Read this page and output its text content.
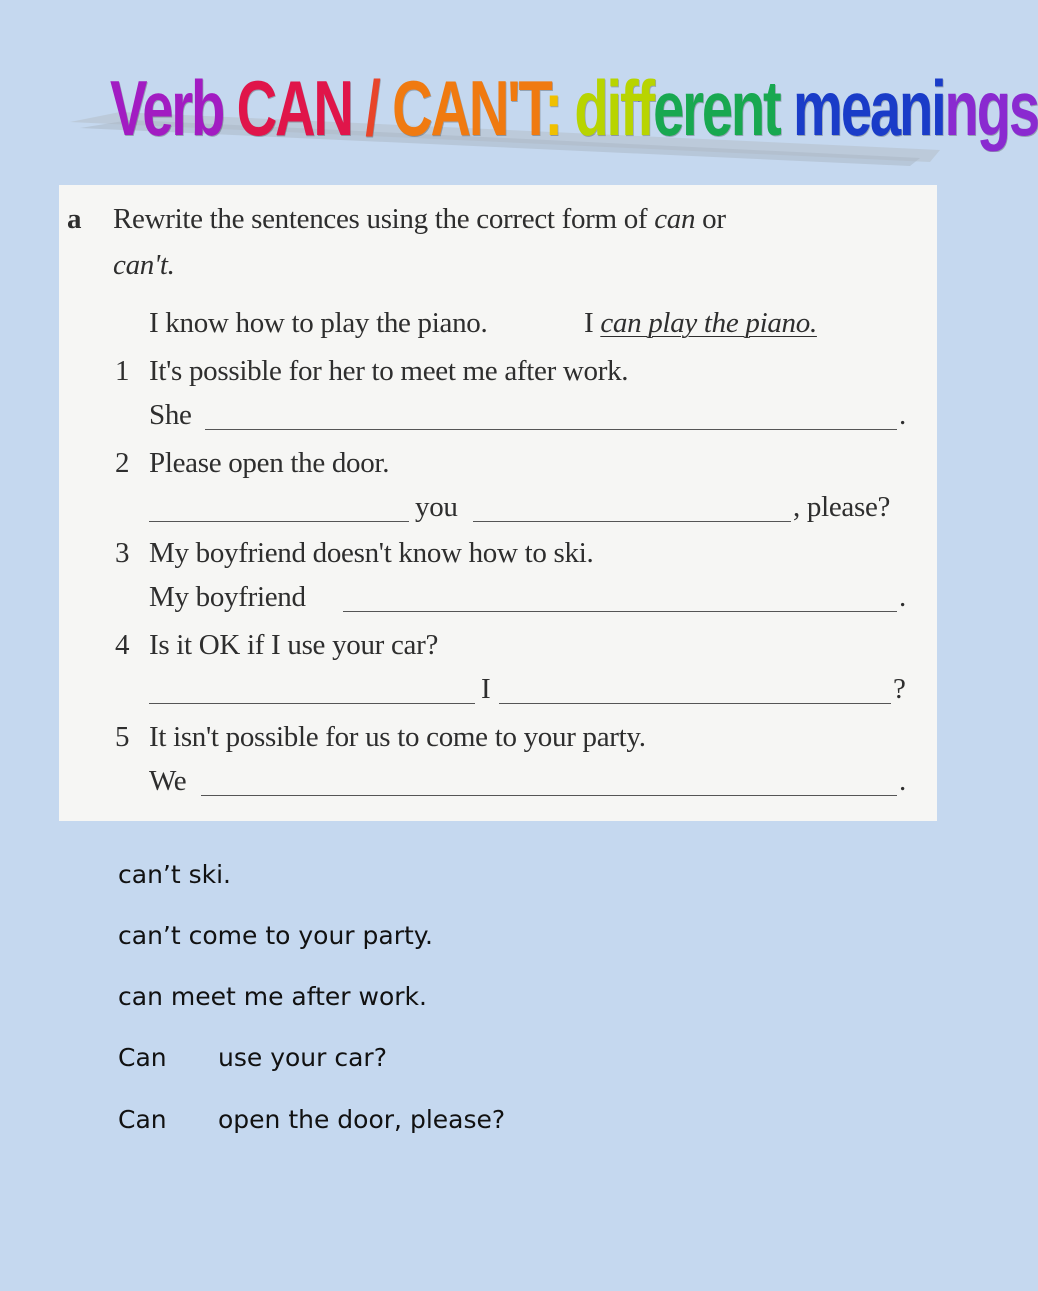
Verb CAN / CAN'T: different meanings
a Rewrite the sentences using the correct form of can or
can't.
I know how to play the piano.	I can play the piano.
1 It's possible for her to meet me after work.
She	.
2 Please open the door.
you	, please?
3 My boyfriend doesn't know how to ski.
My boyfriend	.
4 Is it OK if I use your car?
I	?
5 It isn't possible for us to come to your party.
We	.
can’t ski.
can’t come to your party.
can meet me after work.
Can use your car?
Can open the door, please?
